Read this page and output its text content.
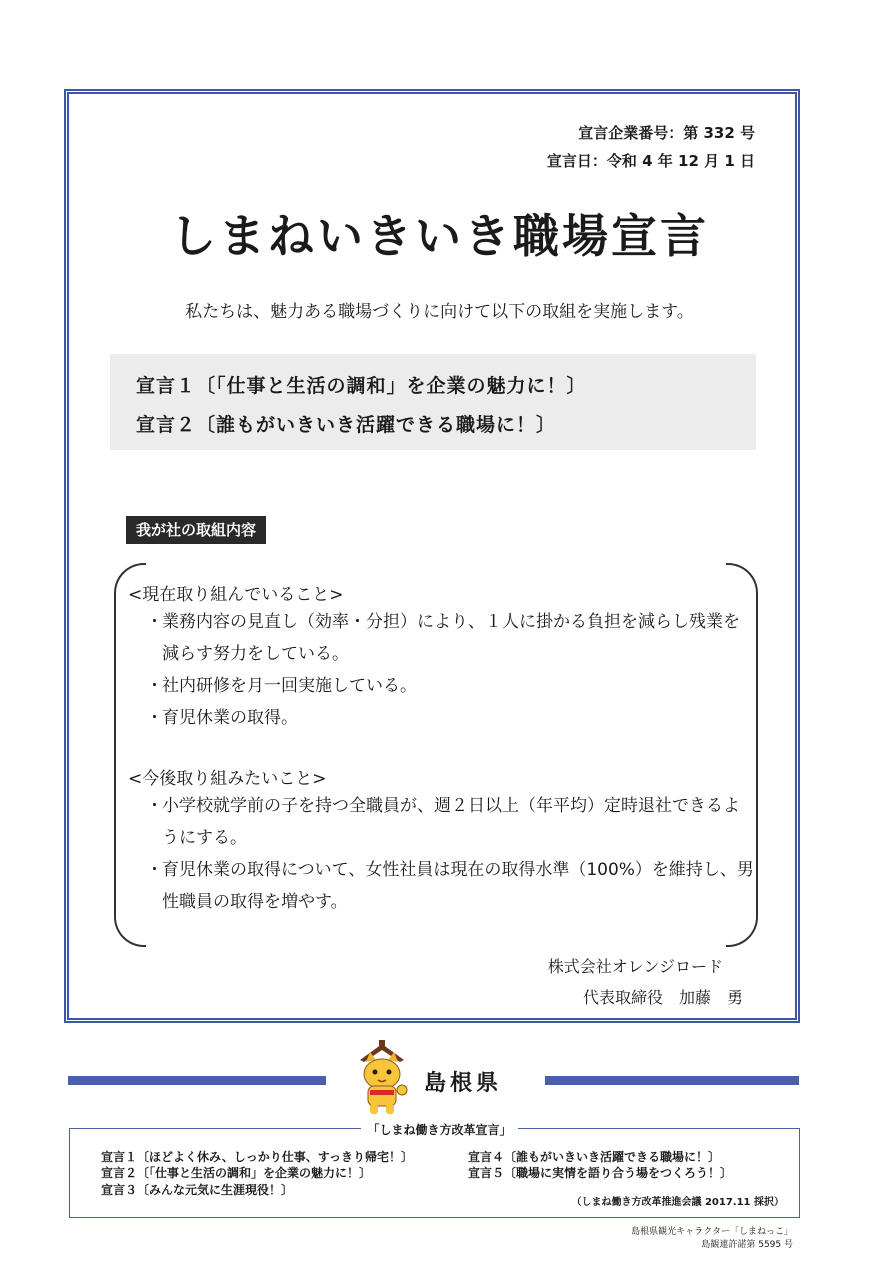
宣言企業番号：第 332 号
宣言日：令和 4 年 12 月 1 日
しまねいきいき職場宣言

私たちは、魅力ある職場づくりに向けて以下の取組を実施します。

宣言１〔「仕事と生活の調和」を企業の魅力に！〕
宣言２〔誰もがいきいき活躍できる職場に！〕
我が社の取組内容
<現在取り組んでいること>
・ 業務内容の見直し（効率・分担）により、１人に掛かる負担を減らし残業を減らす努力をしている。
・ 社内研修を月一回実施している。
・ 育児休業の取得。
<今後取り組みたいこと>
・ 小学校就学前の子を持つ全職員が、週２日以上（年平均）定時退社できるようにする。
・ 育児休業の取得について、女性社員は現在の取得水準（100%）を維持し、男性職員の取得を増やす。
株式会社オレンジロード
代表取締役　加藤　勇
島根県
「しまね働き方改革宣言」
宣言１〔ほどよく休み、しっかり仕事、すっきり帰宅！〕
宣言２〔「仕事と生活の調和」を企業の魅力に！〕
宣言３〔みんな元気に生涯現役！〕
宣言４〔誰もがいきいき活躍できる職場に！〕
宣言５〔職場に実情を語り合う場をつくろう！〕
（しまね働き方改革推進会議 2017.11 採択）
島根県観光キャラクター「しまねっこ」
島観連許諾第 5595 号
